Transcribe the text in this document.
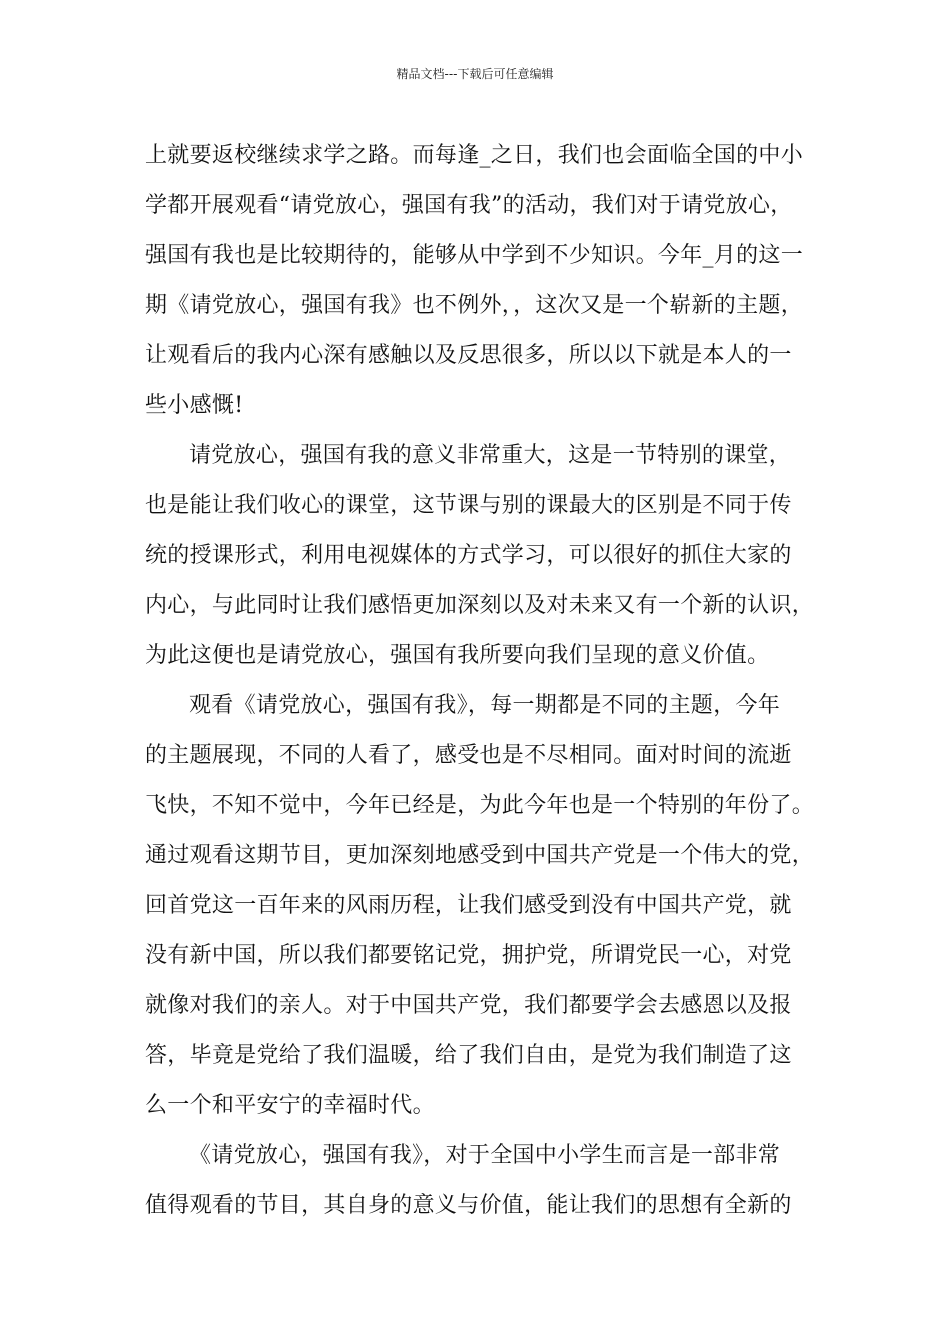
精品文档---下载后可任意编辑
上就要返校继续求学之路。而每逢_之日，我们也会面临全国的中小
学都开展观看“请党放心，强国有我”的活动，我们对于请党放心，
强国有我也是比较期待的，能够从中学到不少知识。今年_月的这一
期《请党放心，强国有我》也不例外，，这次又是一个崭新的主题，
让观看后的我内心深有感触以及反思很多，所以以下就是本人的一
些小感慨!
请党放心，强国有我的意义非常重大，这是一节特别的课堂，
也是能让我们收心的课堂，这节课与别的课最大的区别是不同于传
统的授课形式，利用电视媒体的方式学习，可以很好的抓住大家的
内心，与此同时让我们感悟更加深刻以及对未来又有一个新的认识，
为此这便也是请党放心，强国有我所要向我们呈现的意义价值。
观看《请党放心，强国有我》，每一期都是不同的主题，今年
的主题展现，不同的人看了，感受也是不尽相同。面对时间的流逝
飞快，不知不觉中，今年已经是，为此今年也是一个特别的年份了。
通过观看这期节目，更加深刻地感受到中国共产党是一个伟大的党，
回首党这一百年来的风雨历程，让我们感受到没有中国共产党，就
没有新中国，所以我们都要铭记党，拥护党，所谓党民一心，对党
就像对我们的亲人。对于中国共产党，我们都要学会去感恩以及报
答，毕竟是党给了我们温暖，给了我们自由，是党为我们制造了这
么一个和平安宁的幸福时代。
《请党放心，强国有我》，对于全国中小学生而言是一部非常
值得观看的节目，其自身的意义与价值，能让我们的思想有全新的
